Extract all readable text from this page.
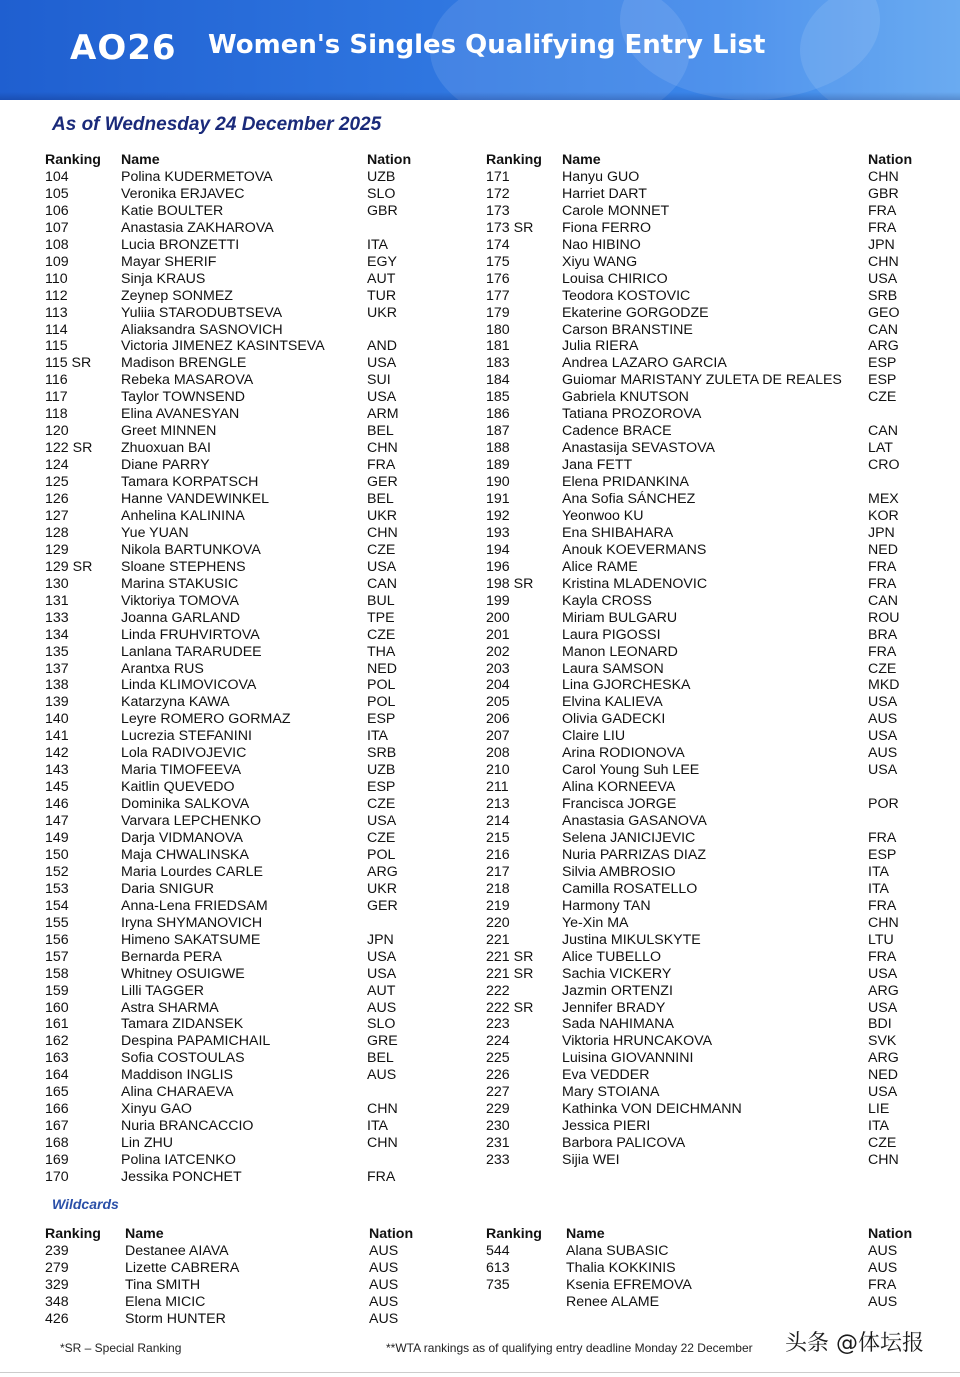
AO26 Women's Singles Qualifying Entry List
As of Wednesday 24 December 2025
Ranking Name	Nation
104	Polina KUDERMETOVA	UZB
105	Veronika ERJAVEC	SLO
106	Katie BOULTER	GBR
107	Anastasia ZAKHAROVA
108	Lucia BRONZETTI	ITA
109	Mayar SHERIF	EGY
110	Sinja KRAUS	AUT
112	Zeynep SONMEZ	TUR
113	Yuliia STARODUBTSEVA	UKR
114	Aliaksandra SASNOVICH
115	Victoria JIMENEZ KASINTSEVA	AND
115 SR Madison BRENGLE	USA
116	Rebeka MASAROVA	SUI
117	Taylor TOWNSEND	USA
118	Elina AVANESYAN	ARM
120	Greet MINNEN	BEL
122 SR Zhuoxuan BAI	CHN
124	Diane PARRY	FRA
125	Tamara KORPATSCH	GER
126	Hanne VANDEWINKEL	BEL
127	Anhelina KALININA	UKR
128	Yue YUAN	CHN
129	Nikola BARTUNKOVA	CZE
129 SR Sloane STEPHENS	USA
130	Marina STAKUSIC	CAN
131	Viktoriya TOMOVA	BUL
133	Joanna GARLAND	TPE
134	Linda FRUHVIRTOVA	CZE
135	Lanlana TARARUDEE	THA
137	Arantxa RUS	NED
138	Linda KLIMOVICOVA	POL
139	Katarzyna KAWA	POL
140	Leyre ROMERO GORMAZ	ESP
141	Lucrezia STEFANINI	ITA
142	Lola RADIVOJEVIC	SRB
143	Maria TIMOFEEVA	UZB
145	Kaitlin QUEVEDO	ESP
146	Dominika SALKOVA	CZE
147	Varvara LEPCHENKO	USA
149	Darja VIDMANOVA	CZE
150	Maja CHWALINSKA	POL
152	Maria Lourdes CARLE	ARG
153	Daria SNIGUR	UKR
154	Anna-Lena FRIEDSAM	GER
155	Iryna SHYMANOVICH
156	Himeno SAKATSUME	JPN
157	Bernarda PERA	USA
158	Whitney OSUIGWE	USA
159	Lilli TAGGER	AUT
160	Astra SHARMA	AUS
161	Tamara ZIDANSEK	SLO
162	Despina PAPAMICHAIL	GRE
163	Sofia COSTOULAS	BEL
164	Maddison INGLIS	AUS
165	Alina CHARAEVA
166	Xinyu GAO	CHN
167	Nuria BRANCACCIO	ITA
168	Lin ZHU	CHN
169	Polina IATCENKO
170	Jessika PONCHET	FRA
Ranking Name	Nation
171	Hanyu GUO	CHN
172	Harriet DART	GBR
173	Carole MONNET	FRA
173 SR Fiona FERRO	FRA
174	Nao HIBINO	JPN
175	Xiyu WANG	CHN
176	Louisa CHIRICO	USA
177	Teodora KOSTOVIC	SRB
179	Ekaterine GORGODZE	GEO
180	Carson BRANSTINE	CAN
181	Julia RIERA	ARG
183	Andrea LAZARO GARCIA	ESP
184	Guiomar MARISTANY ZULETA DE REALES ESP
185	Gabriela KNUTSON	CZE
186	Tatiana PROZOROVA
187	Cadence BRACE	CAN
188	Anastasija SEVASTOVA	LAT
189	Jana FETT	CRO
190	Elena PRIDANKINA
191	Ana Sofia SÁNCHEZ	MEX
192	Yeonwoo KU	KOR
193	Ena SHIBAHARA	JPN
194	Anouk KOEVERMANS	NED
196	Alice RAME	FRA
198 SR Kristina MLADENOVIC	FRA
199	Kayla CROSS	CAN
200	Miriam BULGARU	ROU
201	Laura PIGOSSI	BRA
202	Manon LEONARD	FRA
203	Laura SAMSON	CZE
204	Lina GJORCHESKA	MKD
205	Elvina KALIEVA	USA
206	Olivia GADECKI	AUS
207	Claire LIU	USA
208	Arina RODIONOVA	AUS
210	Carol Young Suh LEE	USA
211	Alina KORNEEVA
213	Francisca JORGE	POR
214	Anastasia GASANOVA
215	Selena JANICIJEVIC	FRA
216	Nuria PARRIZAS DIAZ	ESP
217	Silvia AMBROSIO	ITA
218	Camilla ROSATELLO	ITA
219	Harmony TAN	FRA
220	Ye-Xin MA	CHN
221	Justina MIKULSKYTE	LTU
221 SR Alice TUBELLO	FRA
221 SR Sachia VICKERY	USA
222	Jazmin ORTENZI	ARG
222 SR Jennifer BRADY	USA
223	Sada NAHIMANA	BDI
224	Viktoria HRUNCAKOVA	SVK
225	Luisina GIOVANNINI	ARG
226	Eva VEDDER	NED
227	Mary STOIANA	USA
229	Kathinka VON DEICHMANN	LIE
230	Jessica PIERI	ITA
231	Barbora PALICOVA	CZE
233	Sijia WEI	CHN
Wildcards
Ranking Name	Nation
239	Destanee AIAVA	AUS
279	Lizette CABRERA	AUS
329	Tina SMITH	AUS
348	Elena MICIC	AUS
426	Storm HUNTER	AUS
Ranking Name	Nation
544	Alana SUBASIC	AUS
613	Thalia KOKKINIS	AUS
735	Ksenia EFREMOVA	FRA
Renee ALAME	AUS
*SR – Special Ranking	**WTA rankings as of qualifying entry deadline Monday 22 December 头条 @体坛报
